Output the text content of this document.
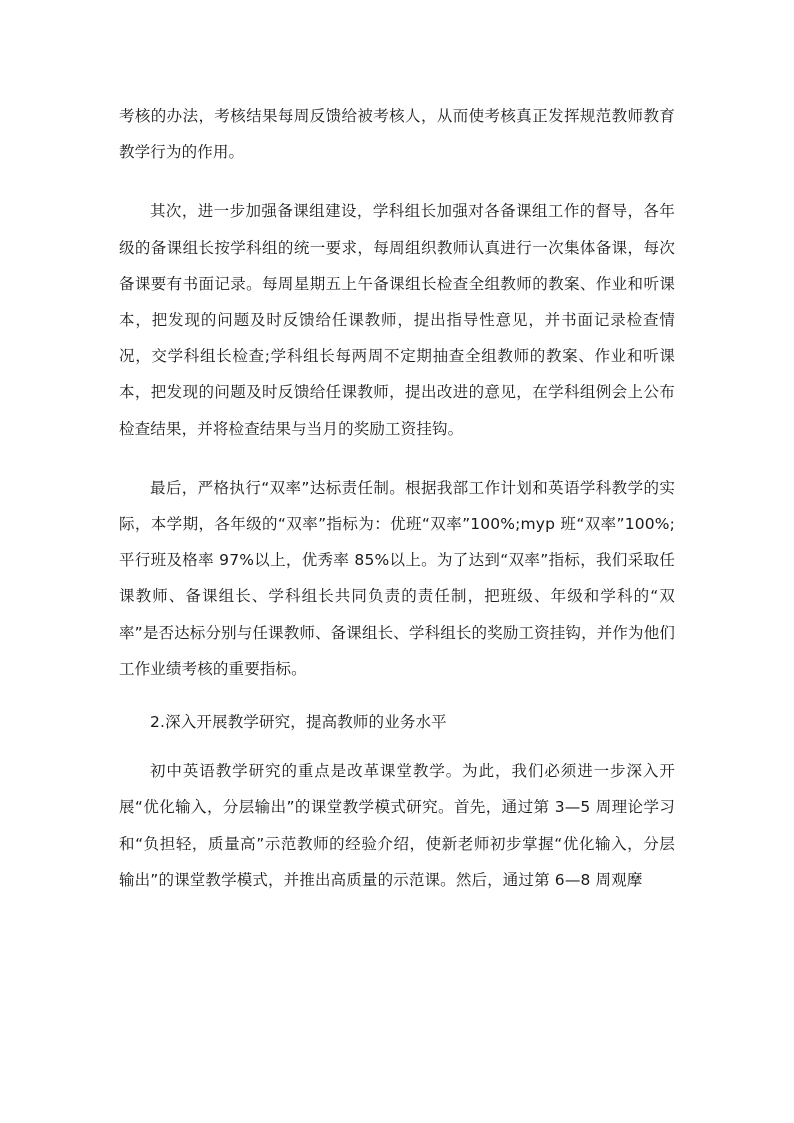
考核的办法，考核结果每周反馈给被考核人，从而使考核真正发挥规范教师教育教学行为的作用。

其次，进一步加强备课组建设，学科组长加强对各备课组工作的督导，各年级的备课组长按学科组的统一要求，每周组织教师认真进行一次集体备课，每次备课要有书面记录。每周星期五上午备课组长检查全组教师的教案、作业和听课本，把发现的问题及时反馈给任课教师，提出指导性意见，并书面记录检查情况，交学科组长检查;学科组长每两周不定期抽查全组教师的教案、作业和听课本，把发现的问题及时反馈给任课教师，提出改进的意见，在学科组例会上公布检查结果，并将检查结果与当月的奖励工资挂钩。

最后，严格执行“双率”达标责任制。根据我部工作计划和英语学科教学的实际，本学期，各年级的“双率”指标为：优班“双率”100%;myp 班“双率”100%;平行班及格率 97%以上，优秀率 85%以上。为了达到“双率”指标，我们采取任课教师、备课组长、学科组长共同负责的责任制，把班级、年级和学科的“双率”是否达标分别与任课教师、备课组长、学科组长的奖励工资挂钩，并作为他们工作业绩考核的重要指标。

2.深入开展教学研究，提高教师的业务水平

初中英语教学研究的重点是改革课堂教学。为此，我们必须进一步深入开展“优化输入，分层输出”的课堂教学模式研究。首先，通过第 3—5 周理论学习和“负担轻，质量高”示范教师的经验介绍，使新老师初步掌握“优化输入，分层输出”的课堂教学模式，并推出高质量的示范课。然后，通过第 6—8 周观摩
